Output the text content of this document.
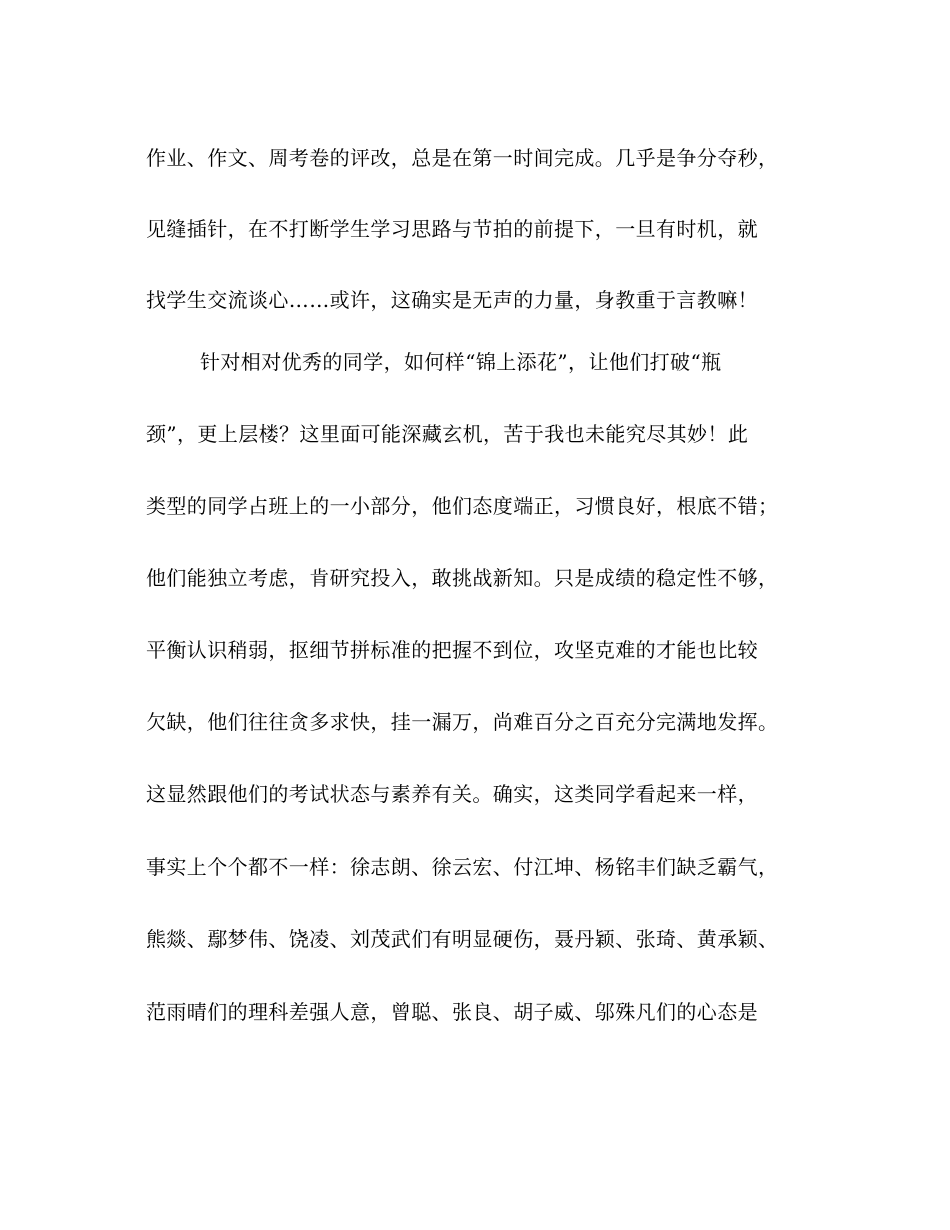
作业、作文、周考卷的评改，总是在第一时间完成。几乎是争分夺秒，
见缝插针，在不打断学生学习思路与节拍的前提下，一旦有时机，就
找学生交流谈心……或许，这确实是无声的力量，身教重于言教嘛！
针对相对优秀的同学，如何样“锦上添花”，让他们打破“瓶
颈”，更上层楼？这里面可能深藏玄机，苦于我也未能究尽其妙！此
类型的同学占班上的一小部分，他们态度端正，习惯良好，根底不错；
他们能独立考虑，肯研究投入，敢挑战新知。只是成绩的稳定性不够，
平衡认识稍弱，抠细节拼标准的把握不到位，攻坚克难的才能也比较
欠缺，他们往往贪多求快，挂一漏万，尚难百分之百充分完满地发挥。
这显然跟他们的考试状态与素养有关。确实，这类同学看起来一样，
事实上个个都不一样：徐志朗、徐云宏、付江坤、杨铭丰们缺乏霸气，
熊燚、鄢梦伟、饶凌、刘茂武们有明显硬伤，聂丹颖、张琦、黄承颖、
范雨晴们的理科差强人意，曾聪、张良、胡子威、邬殊凡们的心态是
